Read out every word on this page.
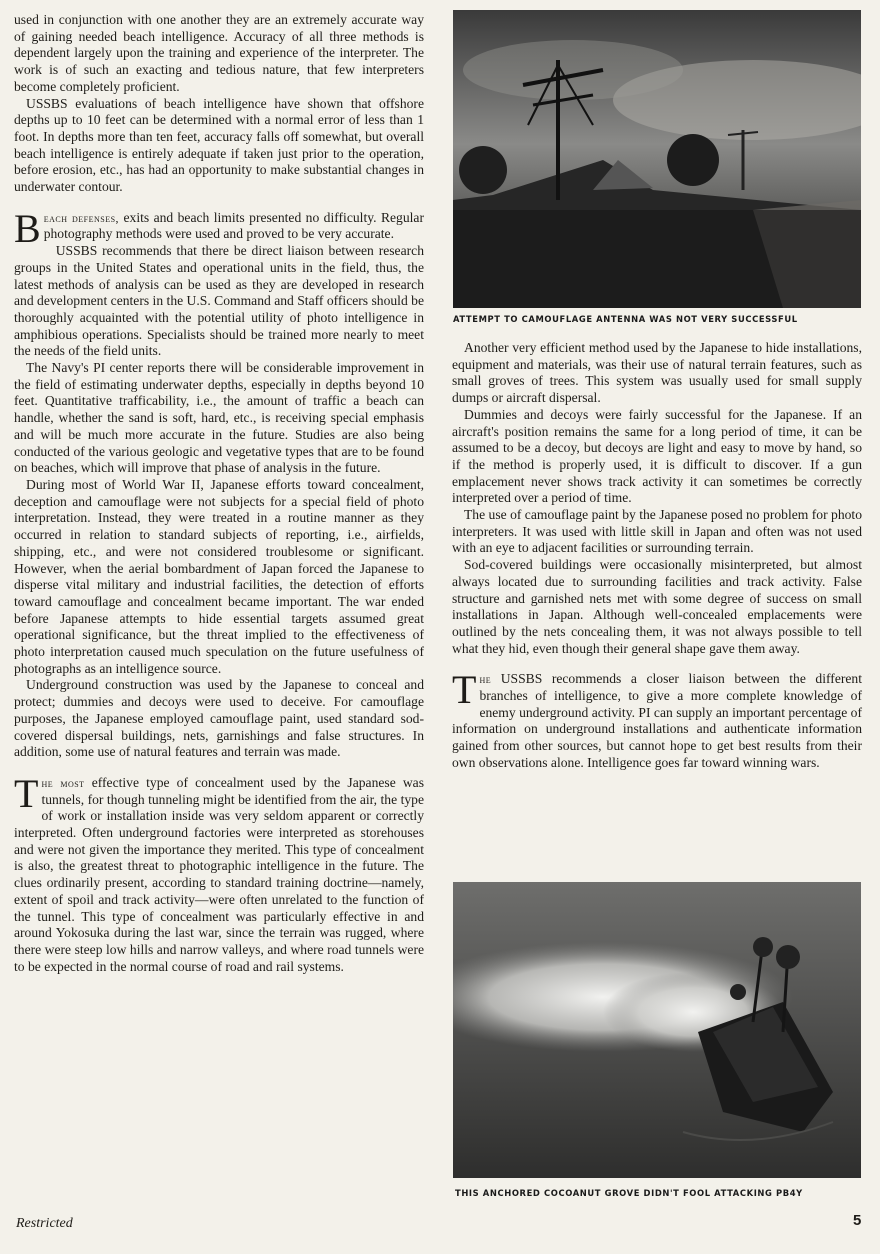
used in conjunction with one another they are an extremely accurate way of gaining needed beach intelligence. Accuracy of all three methods is dependent largely upon the training and experience of the interpreter. The work is of such an exacting and tedious nature, that few interpreters become completely proficient.

USSBS evaluations of beach intelligence have shown that offshore depths up to 10 feet can be determined with a normal error of less than 1 foot. In depths more than ten feet, accuracy falls off somewhat, but overall beach intelligence is entirely adequate if taken just prior to the operation, before erosion, etc., has had an opportunity to make substantial changes in underwater contour.

Beach defenses, exits and beach limits presented no difficulty. Regular photography methods were used and proved to be very accurate.

USSBS recommends that there be direct liaison between research groups in the United States and operational units in the field, thus, the latest methods of analysis can be used as they are developed in research and development centers in the U.S. Command and Staff officers should be thoroughly acquainted with the potential utility of photo intelligence in amphibious operations. Specialists should be trained more nearly to meet the needs of the field units.

The Navy's PI center reports there will be considerable improvement in the field of estimating underwater depths, especially in depths beyond 10 feet. Quantitative trafficability, i.e., the amount of traffic a beach can handle, whether the sand is soft, hard, etc., is receiving special emphasis and will be much more accurate in the future. Studies are also being conducted of the various geologic and vegetative types that are to be found on beaches, which will improve that phase of analysis in the future.

During most of World War II, Japanese efforts toward concealment, deception and camouflage were not subjects for a special field of photo interpretation. Instead, they were treated in a routine manner as they occurred in relation to standard subjects of reporting, i.e., airfields, shipping, etc., and were not considered troublesome or significant. However, when the aerial bombardment of Japan forced the Japanese to disperse vital military and industrial facilities, the detection of efforts toward camouflage and concealment became important. The war ended before Japanese attempts to hide essential targets assumed great operational significance, but the threat implied to the effectiveness of photo interpretation caused much speculation on the future usefulness of photographs as an intelligence source.

Underground construction was used by the Japanese to conceal and protect; dummies and decoys were used to deceive. For camouflage purposes, the Japanese employed camouflage paint, used standard sod-covered dispersal buildings, nets, garnishings and false structures. In addition, some use of natural features and terrain was made.

The most effective type of concealment used by the Japanese was tunnels, for though tunneling might be identified from the air, the type of work or installation inside was very seldom apparent or correctly interpreted. Often underground factories were interpreted as storehouses and were not given the importance they merited. This type of concealment is also, the greatest threat to photographic intelligence in the future. The clues ordinarily present, according to standard training doctrine—namely, extent of spoil and track activity—were often unrelated to the function of the tunnel. This type of concealment was particularly effective in and around Yokosuka during the last war, since the terrain was rugged, where there were steep low hills and narrow valleys, and where road tunnels were to be expected in the normal course of road and rail systems.

ATTEMPT TO CAMOUFLAGE ANTENNA WAS NOT VERY SUCCESSFUL

Another very efficient method used by the Japanese to hide installations, equipment and materials, was their use of natural terrain features, such as small groves of trees. This system was usually used for small supply dumps or aircraft dispersal.

Dummies and decoys were fairly successful for the Japanese. If an aircraft's position remains the same for a long period of time, it can be assumed to be a decoy, but decoys are light and easy to move by hand, so if the method is properly used, it is difficult to discover. If a gun emplacement never shows track activity it can sometimes be correctly interpreted over a period of time.

The use of camouflage paint by the Japanese posed no problem for photo interpreters. It was used with little skill in Japan and often was not used with an eye to adjacent facilities or surrounding terrain.

Sod-covered buildings were occasionally misinterpreted, but almost always located due to surrounding facilities and track activity. False structure and garnished nets met with some degree of success on small installations in Japan. Although well-concealed emplacements were outlined by the nets concealing them, it was not always possible to tell what they hid, even though their general shape gave them away.

The USSBS recommends a closer liaison between the different branches of intelligence, to give a more complete knowledge of enemy underground activity. PI can supply an important percentage of information on underground installations and authenticate information gained from other sources, but cannot hope to get best results from their own observations alone. Intelligence goes far toward winning wars.

THIS ANCHORED COCOANUT GROVE DIDN'T FOOL ATTACKING PB4Y
Restricted	5
